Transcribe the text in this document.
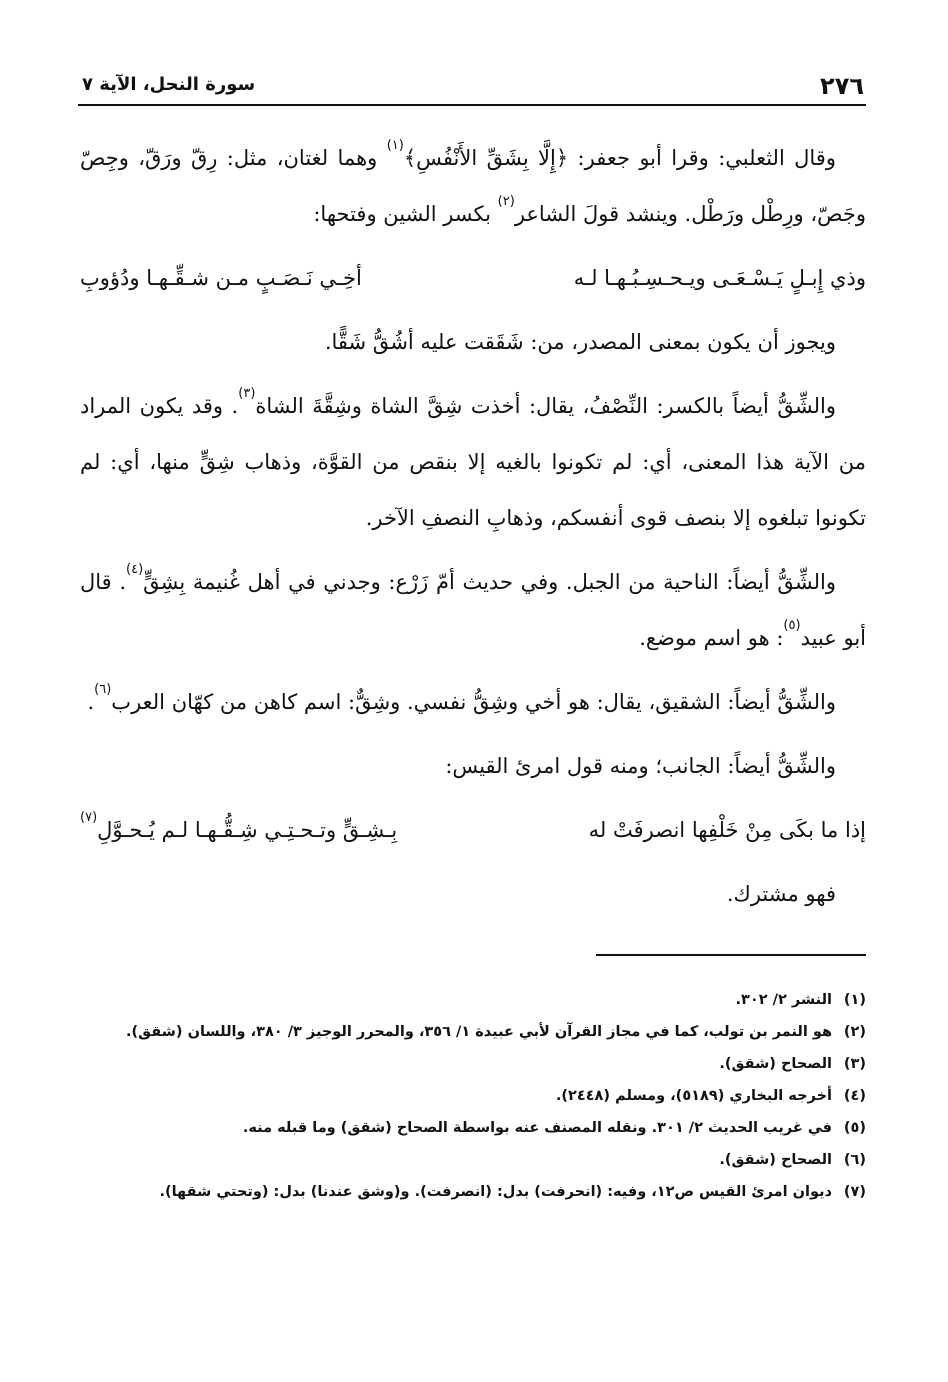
٢٧٦
سورة النحل، الآية ٧

وقال الثعلبي: وقرا أبو جعفر: ﴿إِلَّا بِشَقِّ الأَنْفُسِ﴾$^{(١)}$ وهما لغتان، مثل: رِقّ ورَقّ، وجِصّ وجَصّ، ورِطْل ورَطْل. وينشد قولَ الشاعر$^{(٢)}$ بكسر الشين وفتحها:

وذي إِبـلٍ يَـسْـعَـى ويـحـسِـبُـهـا لـه
أخِـي نَـصَـبٍ مـن شـقِّـهـا ودُؤوبِ

ويجوز أن يكون بمعنى المصدر، من: شَقَقت عليه أشُقُّ شَقًّا.

والشِّقُّ أيضاً بالكسر: النِّصْفُ، يقال: أخذت شِقَّ الشاة وشِقَّةَ الشاة$^{(٣)}$. وقد يكون المراد من الآية هذا المعنى، أي: لم تكونوا بالغيه إلا بنقص من القوَّة، وذهاب شِقٍّ منها، أي: لم تكونوا تبلغوه إلا بنصف قوى أنفسكم، وذهابِ النصفِ الآخر.

والشِّقُّ أيضاً: الناحية من الجبل. وفي حديث أمّ زَرْع: وجدني في أهل غُنيمة بِشِقٍّ$^{(٤)}$. قال أبو عبيد$^{(٥)}$: هو اسم موضع.

والشِّقُّ أيضاً: الشقيق، يقال: هو أخي وشِقُّ نفسي. وشِقٌّ: اسم كاهن من كهّان العرب$^{(٦)}$.

والشِّقُّ أيضاً: الجانب؛ ومنه قول امرئ القيس:

إذا ما بكَى مِنْ خَلْفِها انصرفَتْ له
بِـشِـقٍّ وتـحـتِـي شِـقُّـهـا لـم يُـحـوَّلِ$^{(٧)}$

فهو مشترك.

(١)النشر ٢/ ٣٠٢.

(٢)هو النمر بن تولب، كما في مجاز القرآن لأبي عبيدة ١/ ٣٥٦، والمحرر الوجيز ٣/ ٣٨٠، واللسان (شقق).

(٣)الصحاح (شقق).

(٤)أخرجه البخاري (٥١٨٩)، ومسلم (٢٤٤٨).

(٥)في غريب الحديث ٢/ ٣٠١. ونقله المصنف عنه بواسطة الصحاح (شقق) وما قبله منه.

(٦)الصحاح (شقق).

(٧)ديوان امرئ القيس ص١٢، وفيه: (انحرفت) بدل: (انصرفت). و(وشق عندنا) بدل: (وتحتي شقها).
